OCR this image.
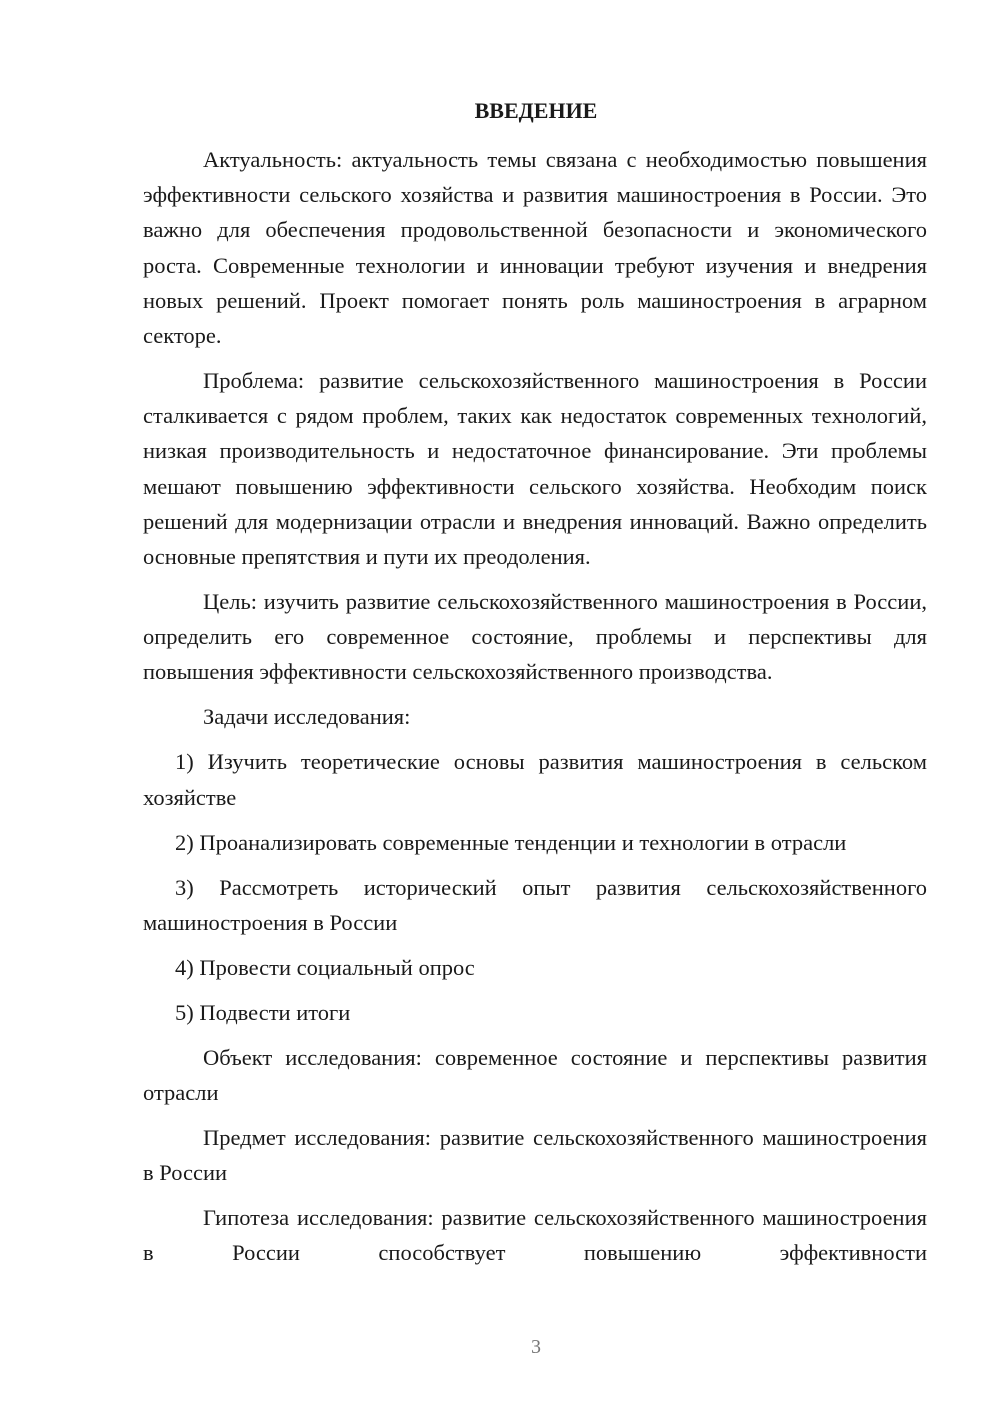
ВВЕДЕНИЕ

Актуальность: актуальность темы связана с необходимостью повышения эффективности сельского хозяйства и развития машиностроения в России. Это важно для обеспечения продовольственной безопасности и экономического роста. Современные технологии и инновации требуют изучения и внедрения новых решений. Проект помогает понять роль машиностроения в аграрном секторе.

Проблема: развитие сельскохозяйственного машиностроения в России сталкивается с рядом проблем, таких как недостаток современных технологий, низкая производительность и недостаточное финансирование. Эти проблемы мешают повышению эффективности сельского хозяйства. Необходим поиск решений для модернизации отрасли и внедрения инноваций. Важно определить основные препятствия и пути их преодоления.

Цель: изучить развитие сельскохозяйственного машиностроения в России, определить его современное состояние, проблемы и перспективы для повышения эффективности сельскохозяйственного производства.

Задачи исследования:

1) Изучить теоретические основы развития машиностроения в сельском хозяйстве

2) Проанализировать современные тенденции и технологии в отрасли

3) Рассмотреть исторический опыт развития сельскохозяйственного машиностроения в России

4) Провести социальный опрос

5) Подвести итоги

Объект исследования: современное состояние и перспективы развития отрасли

Предмет исследования: развитие сельскохозяйственного машиностроения в России

Гипотеза исследования: развитие сельскохозяйственного машиностроения в России способствует повышению эффективности

3
